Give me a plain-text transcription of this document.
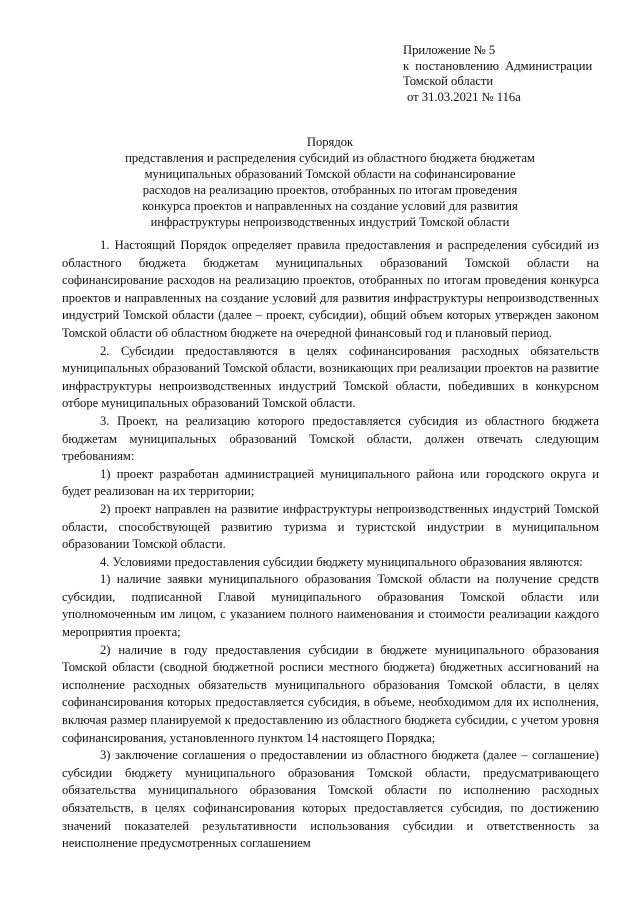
Приложение № 5
к постановлению Администрации
Томской области
от 31.03.2021 № 116а
Порядок
представления и распределения субсидий из областного бюджета бюджетам
муниципальных образований Томской области на софинансирование
расходов на реализацию проектов, отобранных по итогам проведения
конкурса проектов и направленных на создание условий для развития
инфраструктуры непроизводственных индустрий Томской области

1. Настоящий Порядок определяет правила предоставления и распределения субсидий из областного бюджета бюджетам муниципальных образований Томской области на софинансирование расходов на реализацию проектов, отобранных по итогам проведения конкурса проектов и направленных на создание условий для развития инфраструктуры непроизводственных индустрий Томской области (далее – проект, субсидии), общий объем которых утвержден законом Томской области об областном бюджете на очередной финансовый год и плановый период.

2. Субсидии предоставляются в целях софинансирования расходных обязательств муниципальных образований Томской области, возникающих при реализации проектов на развитие инфраструктуры непроизводственных индустрий Томской области, победивших в конкурсном отборе муниципальных образований Томской области.

3. Проект, на реализацию которого предоставляется субсидия из областного бюджета бюджетам муниципальных образований Томской области, должен отвечать следующим требованиям:

1) проект разработан администрацией муниципального района или городского округа и будет реализован на их территории;

2) проект направлен на развитие инфраструктуры непроизводственных индустрий Томской области, способствующей развитию туризма и туристской индустрии в муниципальном образовании Томской области.

4. Условиями предоставления субсидии бюджету муниципального образования являются:

1) наличие заявки муниципального образования Томской области на получение средств субсидии, подписанной Главой муниципального образования Томской области или уполномоченным им лицом, с указанием полного наименования и стоимости реализации каждого мероприятия проекта;

2) наличие в году предоставления субсидии в бюджете муниципального образования Томской области (сводной бюджетной росписи местного бюджета) бюджетных ассигнований на исполнение расходных обязательств муниципального образования Томской области, в целях софинансирования которых предоставляется субсидия, в объеме, необходимом для их исполнения, включая размер планируемой к предоставлению из областного бюджета субсидии, с учетом уровня софинансирования, установленного пунктом 14 настоящего Порядка;

3) заключение соглашения о предоставлении из областного бюджета (далее – соглашение) субсидии бюджету муниципального образования Томской области, предусматривающего обязательства муниципального образования Томской области по исполнению расходных обязательств, в целях софинансирования которых предоставляется субсидия, по достижению значений показателей результативности использования субсидии и ответственность за неисполнение предусмотренных соглашением
